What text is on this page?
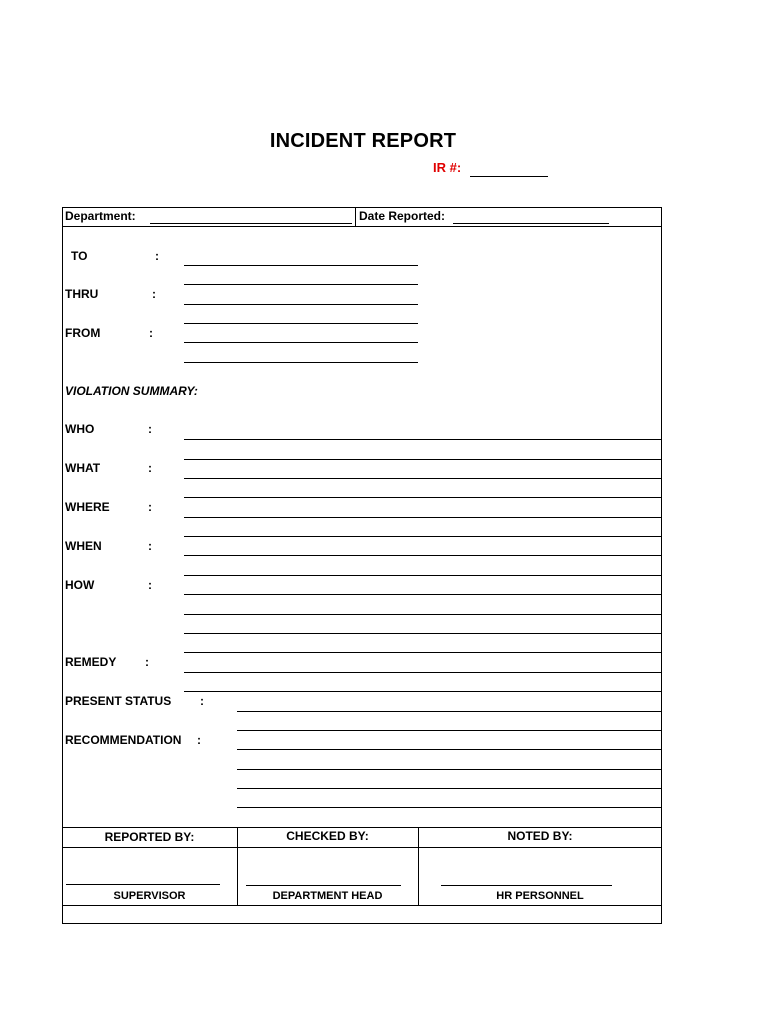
INCIDENT REPORT
IR #:
Department:	Date Reported:
TO	:
THRU	:
FROM	:
VIOLATION SUMMARY:
WHO	:
WHAT	:
WHERE	:
WHEN	:
HOW	:
REMEDY :
PRESENT STATUS :
RECOMMENDATION :
REPORTED BY:	CHECKED BY:	NOTED BY:
SUPERVISOR	DEPARTMENT HEAD	HR PERSONNEL
